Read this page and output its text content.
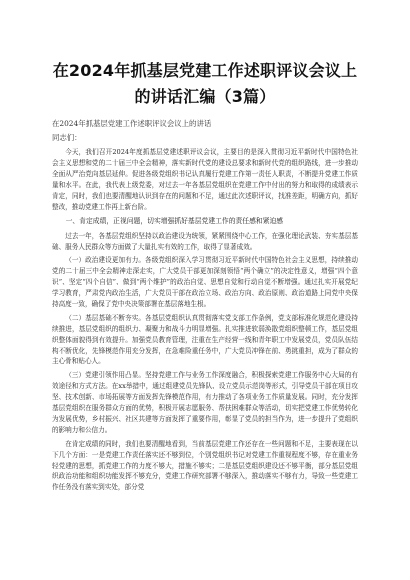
在2024年抓基层党建工作述职评议会议上的讲话汇编（3篇）

在2024年抓基层党建工作述职评议会议上的讲话

同志们：

今天，我们召开2024年度抓基层党建述职评议会议，主要目的是深入贯彻习近平新时代中国特色社会主义思想和党的二十届三中全会精神，落实新时代党的建设总要求和新时代党的组织路线，进一步推动全面从严治党向基层延伸。促进各级党组织书记认真履行党建工作第一责任人职责，不断提升党建工作质量和水平。在此，我代表上级党委，对过去一年各基层党组织在党建工作中付出的努力和取得的成绩表示肯定，同时，我们也要清醒地认识到存在的问题和不足，通过此次述职评议，找准差距，明确方向，抓好整改，推动党建工作再上新台阶。

一、肯定成绩，正视问题，切实增强抓好基层党建工作的责任感和紧迫感

过去一年，各基层党组织坚持以政治建设为统领，紧紧围绕中心工作，在强化理论武装、夯实基层基础、服务人民群众等方面做了大量扎实有效的工作，取得了显著成效。

（一）政治建设更加有力。各级党组织深入学习贯彻习近平新时代中国特色社会主义思想，持续推动党的二十届三中全会精神走深走实，广大党员干部更加深刻领悟“两个确立”的决定性意义，增强“四个意识”、坚定“四个自信”、做到“两个维护”的政治自觉、思想自觉和行动自觉不断增强。通过扎实开展党纪学习教育，严肃党内政治生活，广大党员干部在政治立场、政治方向、政治原则、政治道路上同党中央保持高度一致，确保了党中央决策部署在基层落地生根。

（二）基层基础不断夯实。各基层党组织认真贯彻落实党支部工作条例，党支部标准化规范化建设持续推进，基层党组织的组织力、凝聚力和战斗力明显增强。扎实推进软弱涣散党组织整顿工作，基层党组织整体面貌得到有效提升。加强党员教育管理，注重在生产经营一线和青年职工中发展党员，党员队伍结构不断优化，先锋模范作用充分发挥，在急难险重任务中，广大党员冲锋在前、勇挑重担，成为了群众的主心骨和贴心人。

（三）党建引领作用凸显。坚持党建工作与业务工作深度融合，积极探索党建工作服务中心大局的有效途径和方式方法。在xx举措中，通过组建党员先锋队、设立党员示范岗等形式，引导党员干部在项目攻坚、技术创新、市场拓展等方面发挥先锋模范作用，有力推动了各项业务工作质量发展。同时，充分发挥基层党组织在服务群众方面的优势，积极开展志愿服务、帮扶困难群众等活动，切实把党建工作优势转化为发展优势，乡村振兴、社区共建等方面发挥了重要作用，彰显了党员的担当作为，进一步提升了党组织的影响力和公信力。

在肯定成绩的同时，我们也要清醒地看到，当前基层党建工作还存在一些问题和不足，主要表现在以下几个方面：一是党建工作责任落实还不够到位，个别党组织书记对党建工作重视程度不够，存在重业务轻党建的思想，抓党建工作的力度不够大，措施不够实；二是基层党组织建设还不够平衡，部分基层党组织政治功能和组织功能发挥不够充分，党建工作研究部署不够深入，推动落实不够有力，导致一些党建工作任务没有落实到实处，部分党
